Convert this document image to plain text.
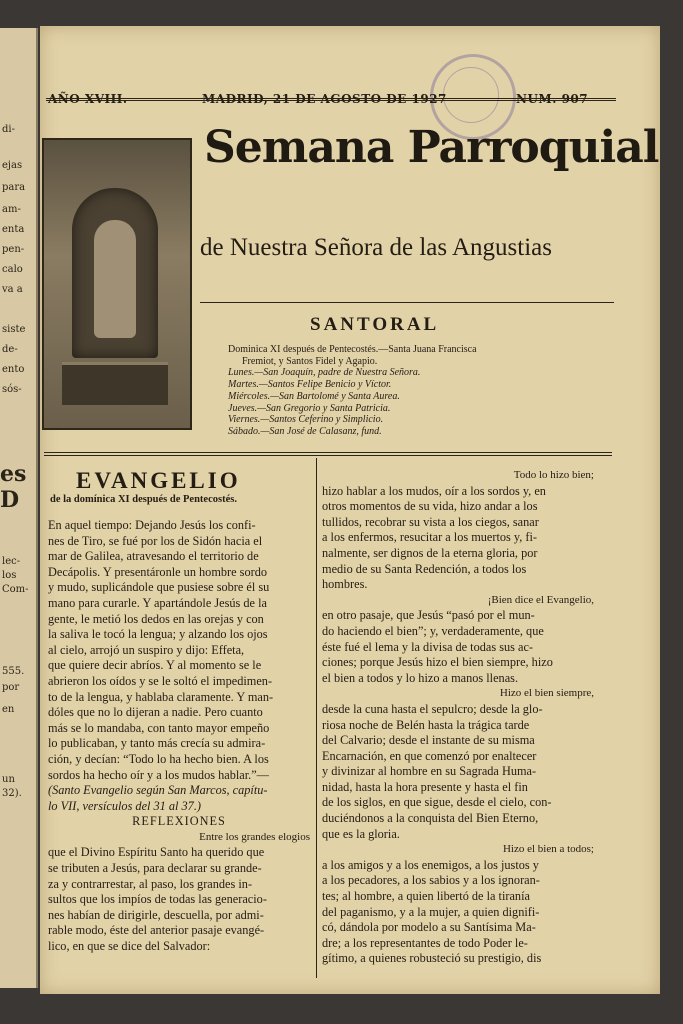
di-
ejas
para
am-
enta
pen-
calo
va a
siste
de-
ento
sós-
es
D
lec-
los
Com-
555.
por
en
un
32).
AÑO XVIII.	MADRID, 21 DE AGOSTO DE 1927	NUM. 907
Semana Parroquial
de Nuestra Señora de las Angustias
SANTORAL
Dominica XI después de Pentecostés.—Santa Juana Francisca
Fremiot, y Santos Fidel y Agapio.
Lunes.—San Joaquín, padre de Nuestra Señora.
Martes.—Santos Felipe Benicio y Víctor.
Miércoles.—San Bartolomé y Santa Aurea.
Jueves.—San Gregorio y Santa Patricia.
Viernes.—Santos Ceferino y Simplicio.
Sábado.—San José de Calasanz, fund.
EVANGELIO
de la domínica XI después de Pentecostés.
En aquel tiempo: Dejando Jesús los confi-
nes de Tiro, se fué por los de Sidón hacia el
mar de Galilea, atravesando el territorio de
Decápolis. Y presentáronle un hombre sordo
y mudo, suplicándole que pusiese sobre él su
mano para curarle. Y apartándole Jesús de la
gente, le metió los dedos en las orejas y con
la saliva le tocó la lengua; y alzando los ojos
al cielo, arrojó un suspiro y dijo: Effeta,
que quiere decir abríos. Y al momento se le
abrieron los oídos y se le soltó el impedimen-
to de la lengua, y hablaba claramente. Y man-
dóles que no lo dijeran a nadie. Pero cuanto
más se lo mandaba, con tanto mayor empeño
lo publicaban, y tanto más crecía su admira-
ción, y decían: “Todo lo ha hecho bien. A los
sordos ha hecho oír y a los mudos hablar.”—
(Santo Evangelio según San Marcos, capítu-
lo VII, versículos del 31 al 37.)
REFLEXIONES
Entre los grandes elogios
que el Divino Espíritu Santo ha querido que
se tributen a Jesús, para declarar su grande-
za y contrarrestar, al paso, los grandes in-
sultos que los impíos de todas las generacio-
nes habían de dirigirle, descuella, por admi-
rable modo, éste del anterior pasaje evangé-
lico, en que se dice del Salvador:
Todo lo hizo bien;
hizo hablar a los mudos, oír a los sordos y, en
otros momentos de su vida, hizo andar a los
tullidos, recobrar su vista a los ciegos, sanar
a los enfermos, resucitar a los muertos y, fi-
nalmente, ser dignos de la eterna gloria, por
medio de su Santa Redención, a todos los
hombres.
¡Bien dice el Evangelio,
en otro pasaje, que Jesús “pasó por el mun-
do haciendo el bien”; y, verdaderamente, que
éste fué el lema y la divisa de todas sus ac-
ciones; porque Jesús hizo el bien siempre, hizo
el bien a todos y lo hizo a manos llenas.
Hizo el bien siempre,
desde la cuna hasta el sepulcro; desde la glo-
riosa noche de Belén hasta la trágica tarde
del Calvario; desde el instante de su misma
Encarnación, en que comenzó por enaltecer
y divinizar al hombre en su Sagrada Huma-
nidad, hasta la hora presente y hasta el fin
de los siglos, en que sigue, desde el cielo, con-
duciéndonos a la conquista del Bien Eterno,
que es la gloria.
Hizo el bien a todos;
a los amigos y a los enemigos, a los justos y
a los pecadores, a los sabios y a los ignoran-
tes; al hombre, a quien libertó de la tiranía
del paganismo, y a la mujer, a quien dignifi-
có, dándola por modelo a su Santísima Ma-
dre; a los representantes de todo Poder le-
gítimo, a quienes robusteció su prestigio, dis
